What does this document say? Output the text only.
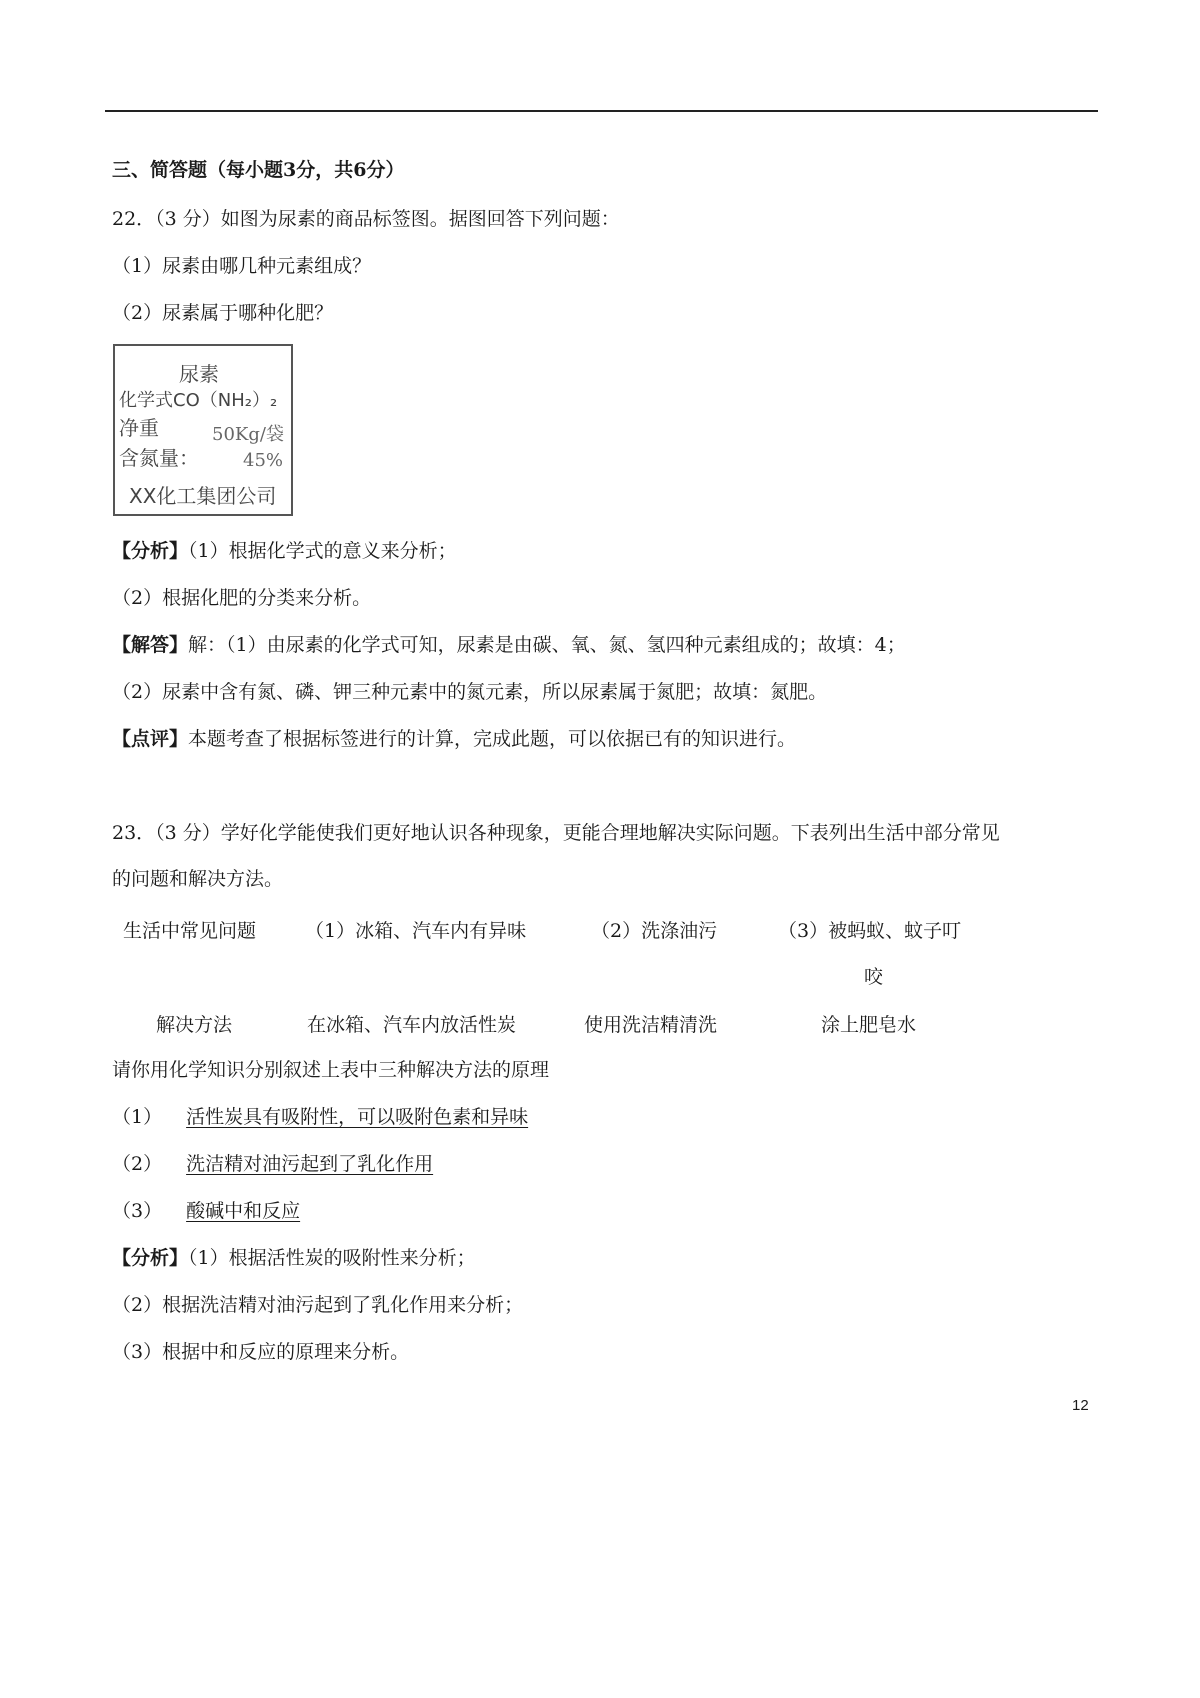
三、简答题（每小题3分，共6分）
22．（3 分）如图为尿素的商品标签图。据图回答下列问题：
（1）尿素由哪几种元素组成？
（2）尿素属于哪种化肥？
尿素
化学式CO（NH₂）₂
净重	50Kg/袋
含氮量： 45%
XX化工集团公司
【分析】（1）根据化学式的意义来分析；
（2）根据化肥的分类来分析。
【解答】解：（1）由尿素的化学式可知，尿素是由碳、氧、氮、氢四种元素组成的；故填：4；
（2）尿素中含有氮、磷、钾三种元素中的氮元素，所以尿素属于氮肥；故填：氮肥。
【点评】本题考查了根据标签进行的计算，完成此题，可以依据已有的知识进行。
23．（3 分）学好化学能使我们更好地认识各种现象，更能合理地解决实际问题。下表列出生活中部分常见
的问题和解决方法。
生活中常见问题	（1）冰箱、汽车内有异味	（2）洗涤油污	（3）被蚂蚁、蚊子叮
咬
解决方法	在冰箱、汽车内放活性炭	使用洗洁精清洗	涂上肥皂水
请你用化学知识分别叙述上表中三种解决方法的原理
（1） 活性炭具有吸附性，可以吸附色素和异味
（2） 洗洁精对油污起到了乳化作用
（3） 酸碱中和反应
【分析】（1）根据活性炭的吸附性来分析；
（2）根据洗洁精对油污起到了乳化作用来分析；
（3）根据中和反应的原理来分析。
12
